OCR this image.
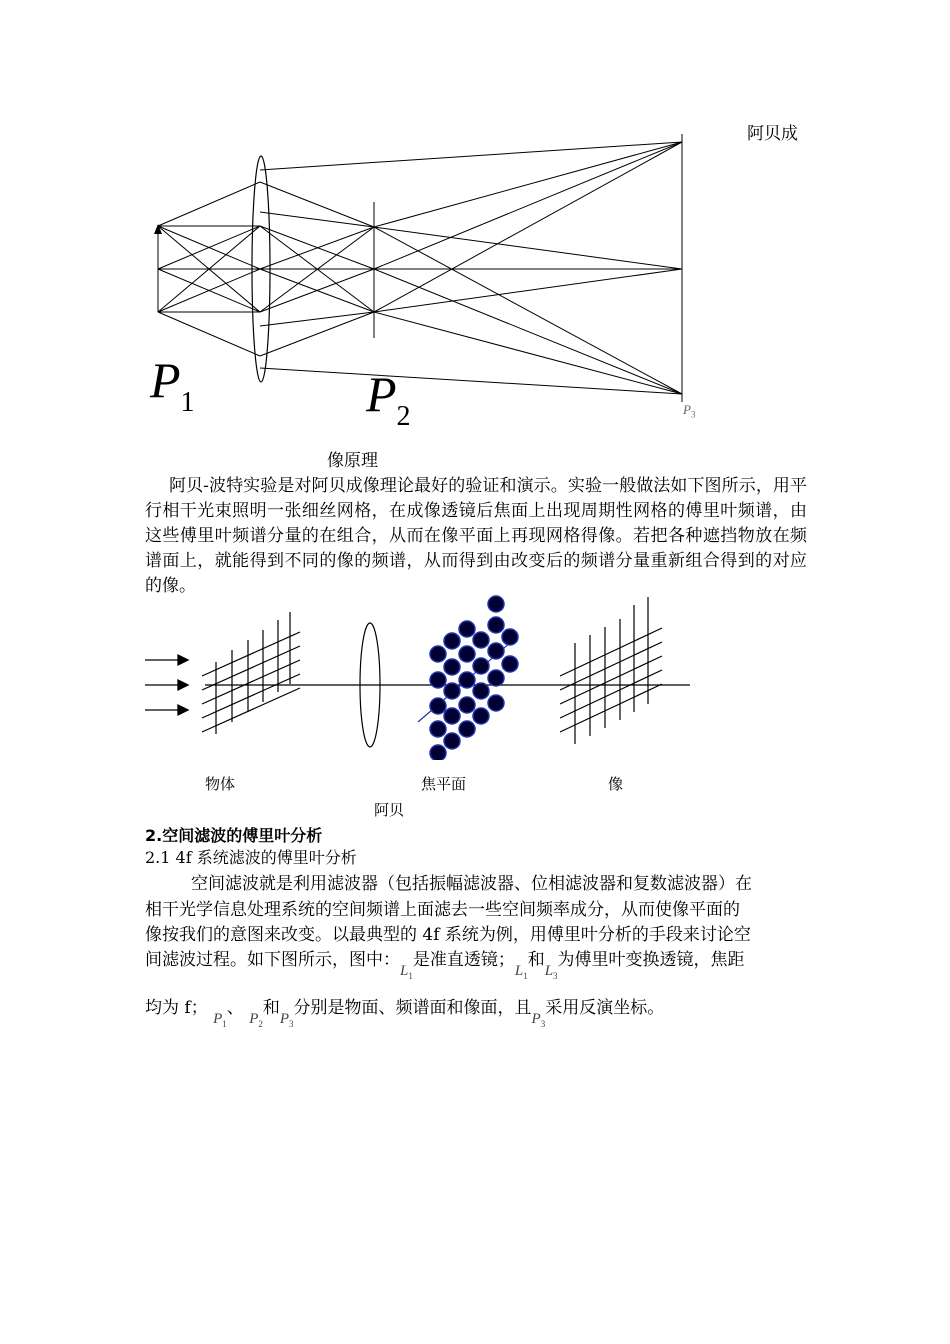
$P_1$	$P_2$	$P_3$
阿贝成
像原理
阿贝-波特实验是对阿贝成像理论最好的验证和演示。实验一般做法如下图所示，用平行相干光束照明一张细丝网格，在成像透镜后焦面上出现周期性网格的傅里叶频谱，由这些傅里叶频谱分量的在组合，从而在像平面上再现网格得像。若把各种遮挡物放在频谱面上，就能得到不同的像的频谱，从而得到由改变后的频谱分量重新组合得到的对应的像。
物体	焦平面	像
阿贝
2.空间滤波的傅里叶分析
2.1 4f 系统滤波的傅里叶分析
空间滤波就是利用滤波器（包括振幅滤波器、位相滤波器和复数滤波器）在
相干光学信息处理系统的空间频谱上面滤去一些空间频率成分，从而使像平面的
像按我们的意图来改变。以最典型的 4f 系统为例，用傅里叶分析的手段来讨论空
间滤波过程。如下图所示，图中：$L_1$是准直透镜；$L_1$和$L_3$为傅里叶变换透镜，焦距
均为 f； $P_1$、 $P_2$和$P_3$分别是物面、频谱面和像面，且$P_3$采用反演坐标。
